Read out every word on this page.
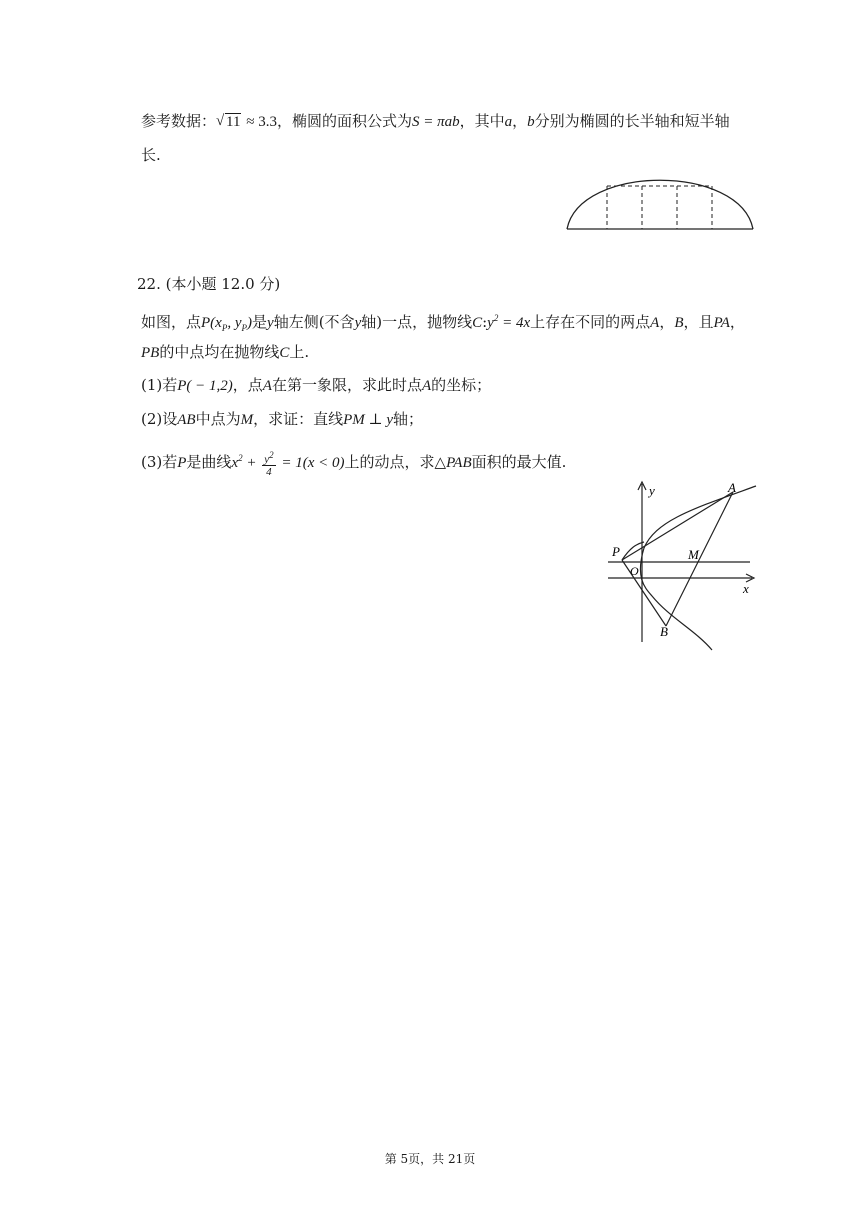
参考数据： √ 11 ≈ 3.3，椭圆的面积公式为S = πab，其中a，b分别为椭圆的长半轴和短半轴
长.
22. (本小题 12.0 分)
如图，点$P(x_P$, $y_P$)是y轴左侧(不含y轴)一点，抛物线$C:y^2 = 4x$上存在不同的两点A，B，且PA，
PB的中点均在抛物线C上.
(1)若P( − 1,2)，点A在第一象限，求此时点A的坐标；
(2)设AB中点为M，求证：直线PM ⊥ y轴；
(3)若P是曲线$x^2 + \frac{y^2}{4} = 1(x < 0)$上的动点，求△PAB面积的最大值.
y
x
A
P	M
O
B
第 5页，共 21页
